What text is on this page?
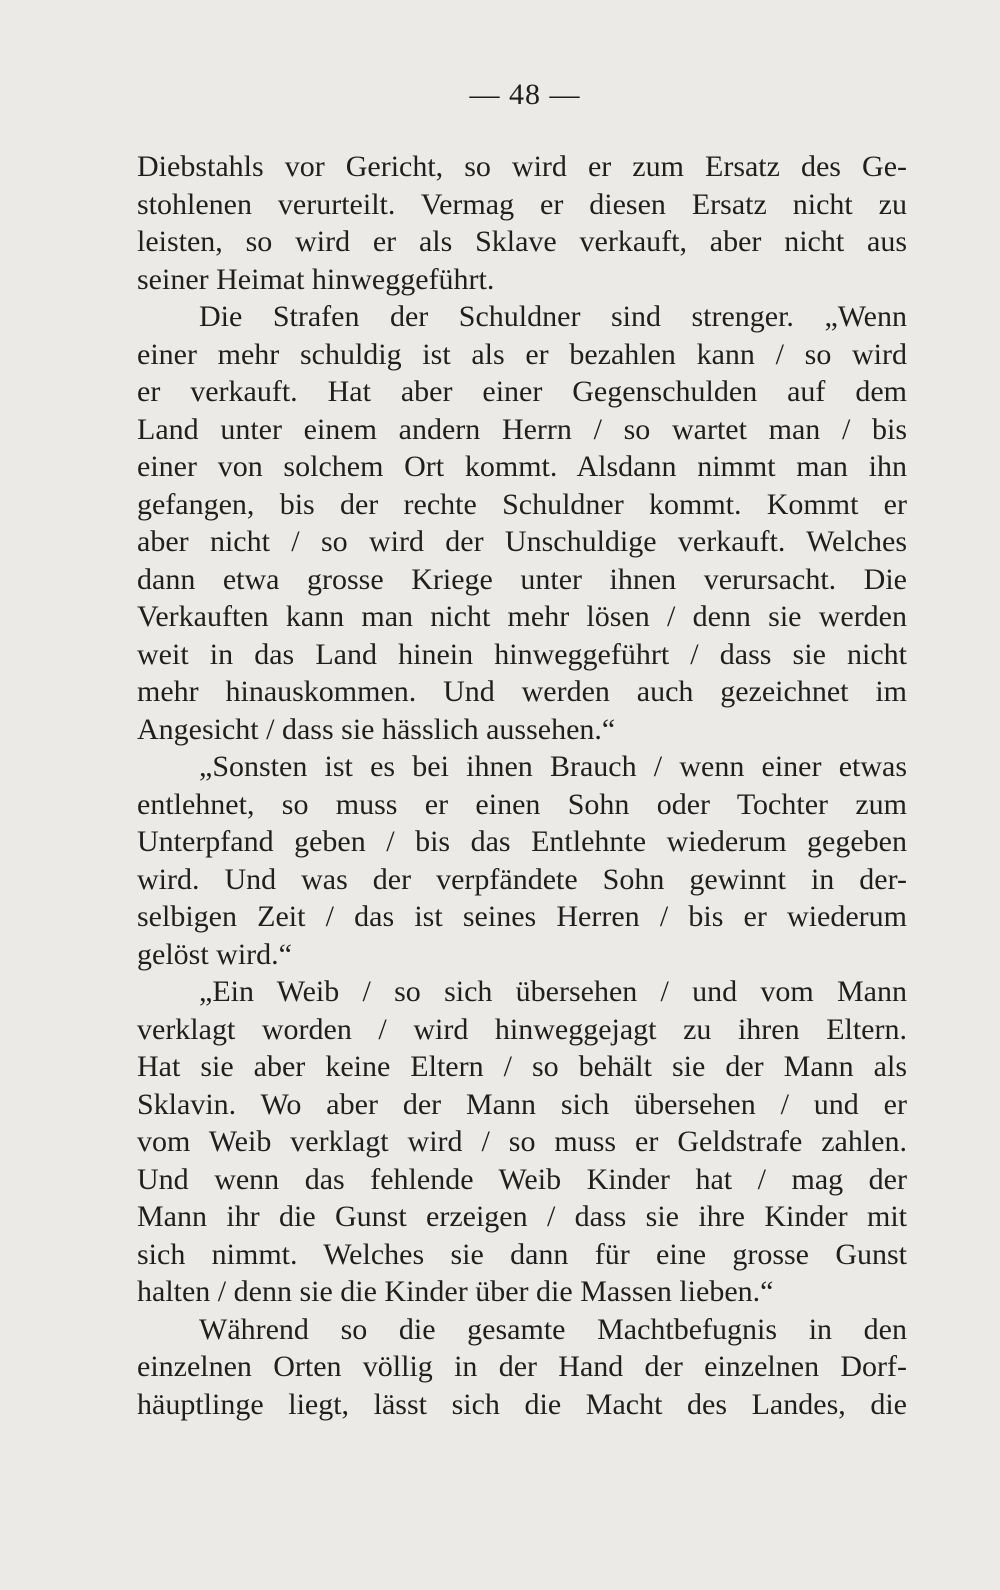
— 48 —
Diebstahls vor Gericht, so wird er zum Ersatz des Ge-
stohlenen verurteilt. Vermag er diesen Ersatz nicht zu
leisten, so wird er als Sklave verkauft, aber nicht aus
seiner Heimat hinweggeführt.
Die Strafen der Schuldner sind strenger. „Wenn
einer mehr schuldig ist als er bezahlen kann / so wird
er verkauft. Hat aber einer Gegenschulden auf dem
Land unter einem andern Herrn / so wartet man / bis
einer von solchem Ort kommt. Alsdann nimmt man ihn
gefangen, bis der rechte Schuldner kommt. Kommt er
aber nicht / so wird der Unschuldige verkauft. Welches
dann etwa grosse Kriege unter ihnen verursacht. Die
Verkauften kann man nicht mehr lösen / denn sie werden
weit in das Land hinein hinweggeführt / dass sie nicht
mehr hinauskommen. Und werden auch gezeichnet im
Angesicht / dass sie hässlich aussehen.“
„Sonsten ist es bei ihnen Brauch / wenn einer etwas
entlehnet, so muss er einen Sohn oder Tochter zum
Unterpfand geben / bis das Entlehnte wiederum gegeben
wird. Und was der verpfändete Sohn gewinnt in der-
selbigen Zeit / das ist seines Herren / bis er wiederum
gelöst wird.“
„Ein Weib / so sich übersehen / und vom Mann
verklagt worden / wird hinweggejagt zu ihren Eltern.
Hat sie aber keine Eltern / so behält sie der Mann als
Sklavin. Wo aber der Mann sich übersehen / und er
vom Weib verklagt wird / so muss er Geldstrafe zahlen.
Und wenn das fehlende Weib Kinder hat / mag der
Mann ihr die Gunst erzeigen / dass sie ihre Kinder mit
sich nimmt. Welches sie dann für eine grosse Gunst
halten / denn sie die Kinder über die Massen lieben.“
Während so die gesamte Machtbefugnis in den
einzelnen Orten völlig in der Hand der einzelnen Dorf-
häuptlinge liegt, lässt sich die Macht des Landes, die
